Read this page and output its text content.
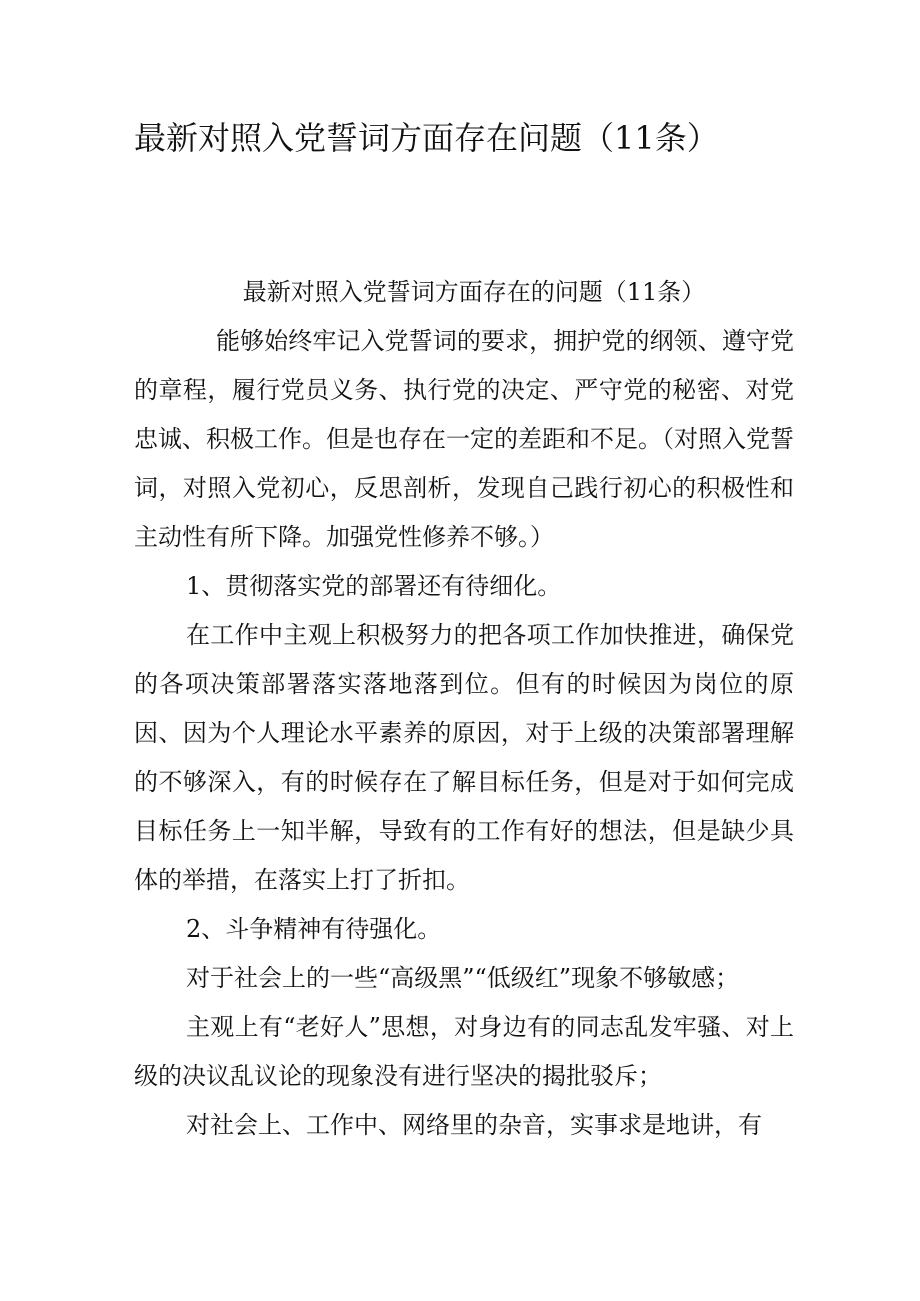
最新对照入党誓词方面存在问题（11条）

最新对照入党誓词方面存在的问题（11条）

能够始终牢记入党誓词的要求，拥护党的纲领、遵守党的章程，履行党员义务、执行党的决定、严守党的秘密、对党忠诚、积极工作。但是也存在一定的差距和不足。（对照入党誓词，对照入党初心，反思剖析，发现自己践行初心的积极性和主动性有所下降。加强党性修养不够。）

1、贯彻落实党的部署还有待细化。

在工作中主观上积极努力的把各项工作加快推进，确保党的各项决策部署落实落地落到位。但有的时候因为岗位的原因、因为个人理论水平素养的原因，对于上级的决策部署理解的不够深入，有的时候存在了解目标任务，但是对于如何完成目标任务上一知半解，导致有的工作有好的想法，但是缺少具体的举措，在落实上打了折扣。

2、斗争精神有待强化。

对于社会上的一些“高级黑”“低级红”现象不够敏感；

主观上有“老好人”思想，对身边有的同志乱发牢骚、对上级的决议乱议论的现象没有进行坚决的揭批驳斥；

对社会上、工作中、网络里的杂音，实事求是地讲，有
